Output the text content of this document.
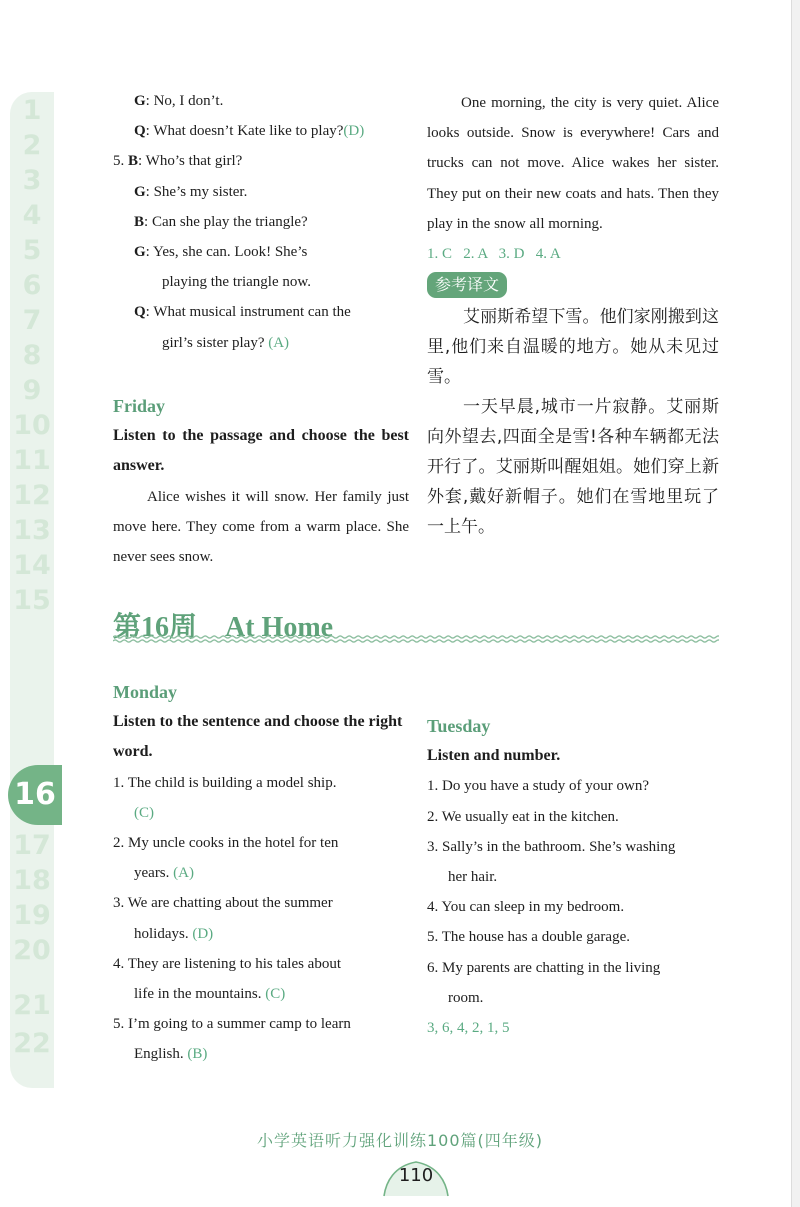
1
2
3
4
5
6
7
8
9
10
11
12
13
14
15
16
17
18
19
20
21
22

G: No, I don’t.

Q: What doesn’t Kate like to play?(D)

5. B: Who’s that girl?

G: She’s my sister.

B: Can she play the triangle?

G: Yes, she can. Look! She’s

playing the triangle now.

Q: What musical instrument can the

girl’s sister play? (A)

Friday

Listen to the passage and choose the best answer.

Alice wishes it will snow. Her family just move here. They come from a warm place. She never sees snow.

One morning, the city is very quiet. Alice looks outside. Snow is everywhere! Cars and trucks can not move. Alice wakes her sister. They put on their new coats and hats. Then they play in the snow all morning.

1. C   2. A   3. D   4. A

参考译文

艾丽斯希望下雪。他们家刚搬到这里,他们来自温暖的地方。她从未见过雪。

一天早晨,城市一片寂静。艾丽斯向外望去,四面全是雪!各种车辆都无法开行了。艾丽斯叫醒姐姐。她们穿上新外套,戴好新帽子。她们在雪地里玩了一上午。

第16周 At Home

Monday

Listen to the sentence and choose the right word.

1. The child is building a model ship.

(C)

2. My uncle cooks in the hotel for ten

years. (A)

3. We are chatting about the summer

holidays. (D)

4. They are listening to his tales about

life in the mountains. (C)

5. I’m going to a summer camp to learn

English. (B)

Tuesday

Listen and number.

1. Do you have a study of your own?

2. We usually eat in the kitchen.

3. Sally’s in the bathroom. She’s washing

her hair.

4. You can sleep in my bedroom.

5. The house has a double garage.

6. My parents are chatting in the living

room.

3, 6, 4, 2, 1, 5

小学英语听力强化训练100篇(四年级)
110
